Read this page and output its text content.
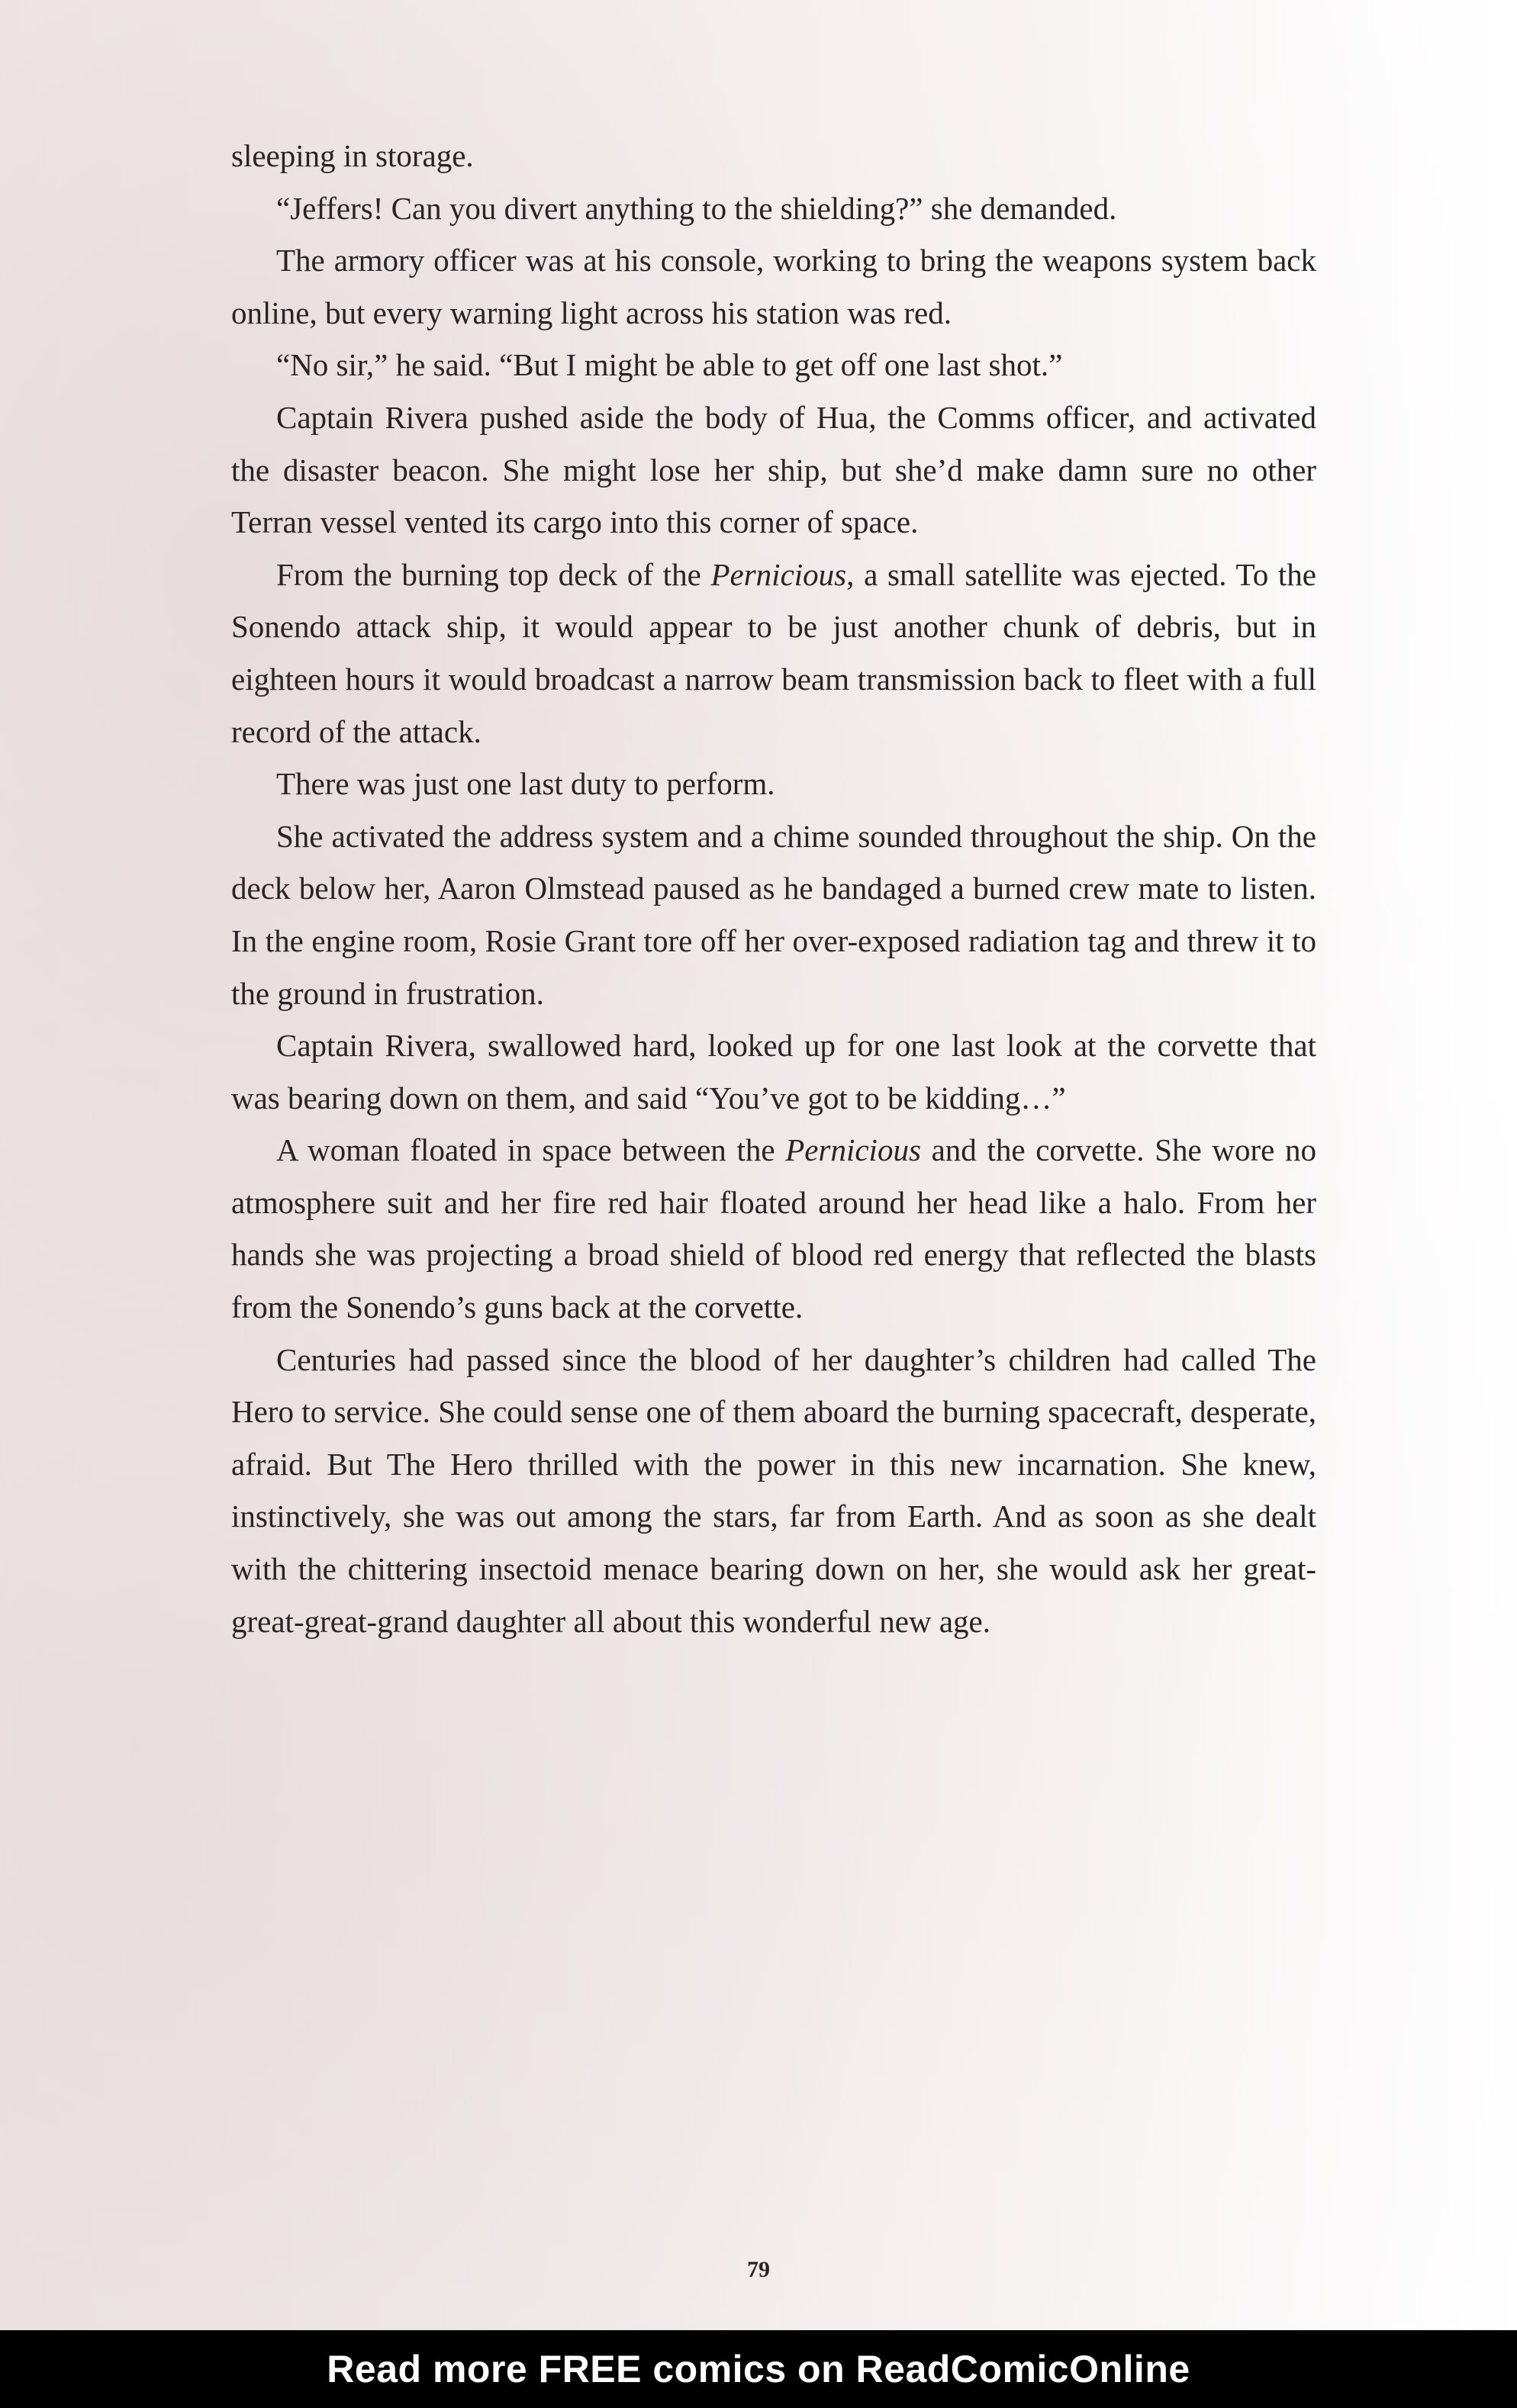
sleeping in storage.

“Jeffers! Can you divert anything to the shielding?” she demanded.

The armory officer was at his console, working to bring the weapons system back online, but every warning light across his station was red.

“No sir,” he said. “But I might be able to get off one last shot.”

Captain Rivera pushed aside the body of Hua, the Comms officer, and activated the disaster beacon. She might lose her ship, but she’d make damn sure no other Terran vessel vented its cargo into this corner of space.

From the burning top deck of the Pernicious, a small satellite was ejected. To the Sonendo attack ship, it would appear to be just another chunk of debris, but in eighteen hours it would broadcast a narrow beam transmission back to fleet with a full record of the attack.

There was just one last duty to perform.

She activated the address system and a chime sounded throughout the ship. On the deck below her, Aaron Olmstead paused as he bandaged a burned crew mate to listen. In the engine room, Rosie Grant tore off her over-exposed radiation tag and threw it to the ground in frustration.

Captain Rivera, swallowed hard, looked up for one last look at the corvette that was bearing down on them, and said “You’ve got to be kidding…”

A woman floated in space between the Pernicious and the corvette. She wore no atmosphere suit and her fire red hair floated around her head like a halo. From her hands she was projecting a broad shield of blood red energy that reflected the blasts from the Sonendo’s guns back at the corvette.

Centuries had passed since the blood of her daughter’s children had called The Hero to service. She could sense one of them aboard the burning spacecraft, desperate, afraid. But The Hero thrilled with the power in this new incarnation. She knew, instinctively, she was out among the stars, far from Earth. And as soon as she dealt with the chittering insectoid menace bearing down on her, she would ask her great-great-great-grand daughter all about this wonderful new age.

79
Read more FREE comics on ReadComicOnline
